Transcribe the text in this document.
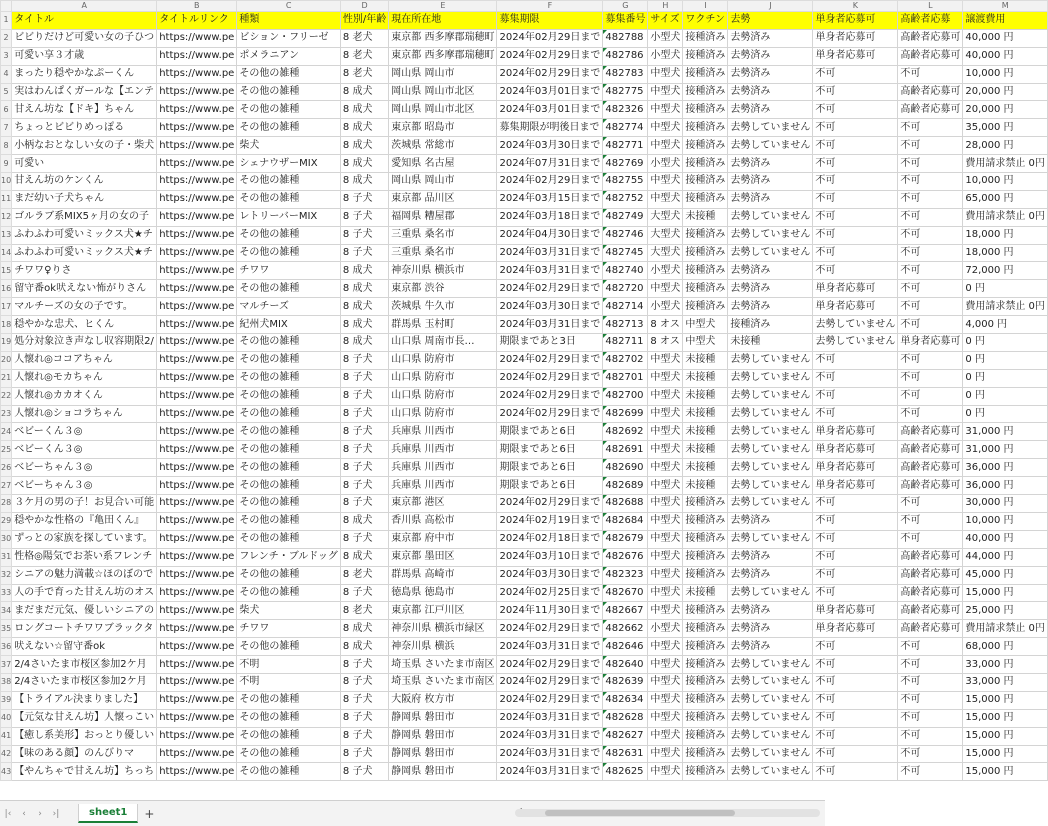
	A	B	C	D	E	F	G	H	I	J	K	L	M
1	タイトル	タイトルリンク	種類	性別/年齢	現在所在地	募集期限	募集番号	サイズ	ワクチン	去勢	単身者応募可	高齢者応募	譲渡費用
2	ビビりだけど可愛い女の子ひつ	https://www.pe	ビション・フリーゼ	8 老犬	東京都 西多摩郡瑞穂町	2024年02月29日まで	482788	小型犬	接種済み	去勢済み	単身者応募可	高齢者応募可	40,000 円
3	可愛い享３才歳	https://www.pe	ポメラニアン	8 老犬	東京都 西多摩郡瑞穂町	2024年02月29日まで	482786	小型犬	接種済み	去勢済み	単身者応募可	高齢者応募可	40,000 円
4	まったり穏やかなぷーくん	https://www.pe	その他の雑種	8 老犬	岡山県 岡山市	2024年02月29日まで	482783	中型犬	接種済み	去勢済み	不可	不可	10,000 円
5	実はわんぱくガールな【エンテ	https://www.pe	その他の雑種	8 成犬	岡山県 岡山市北区	2024年03月01日まで	482775	中型犬	接種済み	去勢済み	不可	高齢者応募可	20,000 円
6	甘えん坊な【ドキ】ちゃん	https://www.pe	その他の雑種	8 成犬	岡山県 岡山市北区	2024年03月01日まで	482326	中型犬	接種済み	去勢済み	不可	高齢者応募可	20,000 円
7	ちょっとビビりめっぽる	https://www.pe	その他の雑種	8 成犬	東京都 昭島市	募集期限が明後日まで	482774	中型犬	接種済み	去勢していません	不可	不可	35,000 円
8	小柄なおとなしい女の子・柴犬	https://www.pe	柴犬	8 成犬	茨城県 常総市	2024年03月30日まで	482771	中型犬	接種済み	去勢していません	不可	不可	28,000 円
9	可愛い	https://www.pe	シェナウザーMIX	8 成犬	愛知県 名古屋	2024年07月31日まで	482769	小型犬	接種済み	去勢済み	不可	不可	費用請求禁止 0円
10	甘えん坊のケンくん	https://www.pe	その他の雑種	8 成犬	岡山県 岡山市	2024年02月29日まで	482755	中型犬	接種済み	去勢済み	不可	不可	10,000 円
11	まだ幼い子犬ちゃん	https://www.pe	その他の雑種	8 子犬	東京都 品川区	2024年03月15日まで	482752	中型犬	接種済み	去勢済み	不可	不可	65,000 円
12	ゴルラブ系MIX5ヶ月の女の子	https://www.pe	レトリーバーMIX	8 子犬	福岡県 糟屋郡	2024年03月18日まで	482749	大型犬	未接種	去勢していません	不可	不可	費用請求禁止 0円
13	ふわふわ可愛いミックス犬★チ	https://www.pe	その他の雑種	8 子犬	三重県 桑名市	2024年04月30日まで	482746	大型犬	接種済み	去勢していません	不可	不可	18,000 円
14	ふわふわ可愛いミックス犬★チ	https://www.pe	その他の雑種	8 子犬	三重県 桑名市	2024年03月31日まで	482745	大型犬	接種済み	去勢していません	不可	不可	18,000 円
15	チワワ♀りさ	https://www.pe	チワワ	8 成犬	神奈川県 横浜市	2024年03月31日まで	482740	小型犬	接種済み	去勢済み	不可	不可	72,000 円
16	留守番ok吠えない怖がりさん	https://www.pe	その他の雑種	8 成犬	東京都 渋谷	2024年02月29日まで	482720	中型犬	接種済み	去勢済み	単身者応募可	不可	0 円
17	マルチーズの女の子です。	https://www.pe	マルチーズ	8 成犬	茨城県 牛久市	2024年03月30日まで	482714	小型犬	接種済み	去勢済み	単身者応募可	不可	費用請求禁止 0円
18	穏やかな忠犬、ヒくん	https://www.pe	紀州犬MIX	8 成犬	群馬県 玉村町	2024年03月31日まで	482713	8 オス	中型犬	接種済み	去勢していません	不可	4,000 円
19	処分対象泣き声なし収容期限2/	https://www.pe	その他の雑種	8 成犬	山口県 周南市長…	期限まであと3日	482711	8 オス	中型犬	未接種	去勢していません	単身者応募可	0 円
20	人懐れ◎ココアちゃん	https://www.pe	その他の雑種	8 子犬	山口県 防府市	2024年02月29日まで	482702	中型犬	未接種	去勢していません	不可	不可	0 円
21	人懐れ◎モカちゃん	https://www.pe	その他の雑種	8 子犬	山口県 防府市	2024年02月29日まで	482701	中型犬	未接種	去勢していません	不可	不可	0 円
22	人懐れ◎カカオくん	https://www.pe	その他の雑種	8 子犬	山口県 防府市	2024年02月29日まで	482700	中型犬	未接種	去勢していません	不可	不可	0 円
23	人懐れ◎ショコラちゃん	https://www.pe	その他の雑種	8 子犬	山口県 防府市	2024年02月29日まで	482699	中型犬	未接種	去勢していません	不可	不可	0 円
24	べビーくん３◎	https://www.pe	その他の雑種	8 子犬	兵庫県 川西市	期限まであと6日	482692	中型犬	未接種	去勢していません	単身者応募可	高齢者応募可	31,000 円
25	べビーくん３◎	https://www.pe	その他の雑種	8 子犬	兵庫県 川西市	期限まであと6日	482691	中型犬	未接種	去勢していません	単身者応募可	高齢者応募可	31,000 円
26	べビーちゃん３◎	https://www.pe	その他の雑種	8 子犬	兵庫県 川西市	期限まであと6日	482690	中型犬	未接種	去勢していません	単身者応募可	高齢者応募可	36,000 円
27	べビーちゃん３◎	https://www.pe	その他の雑種	8 子犬	兵庫県 川西市	期限まであと6日	482689	中型犬	未接種	去勢していません	単身者応募可	高齢者応募可	36,000 円
28	３ケ月の男の子！お見合い可能	https://www.pe	その他の雑種	8 子犬	東京都 港区	2024年02月29日まで	482688	中型犬	接種済み	去勢していません	不可	不可	30,000 円
29	穏やかな性格の『亀田くん』	https://www.pe	その他の雑種	8 成犬	香川県 高松市	2024年02月19日まで	482684	中型犬	接種済み	去勢済み	不可	不可	10,000 円
30	ずっとの家族を探しています。	https://www.pe	その他の雑種	8 子犬	東京都 府中市	2024年02月18日まで	482679	中型犬	接種済み	去勢していません	不可	不可	40,000 円
31	性格◎陽気でお茶い系フレンチ	https://www.pe	フレンチ・ブルドッグ	8 成犬	東京都 墨田区	2024年03月10日まで	482676	中型犬	接種済み	去勢済み	不可	高齢者応募可	44,000 円
32	シニアの魅力満載☆ほのぼので	https://www.pe	その他の雑種	8 老犬	群馬県 高崎市	2024年03月30日まで	482323	中型犬	接種済み	去勢済み	不可	高齢者応募可	45,000 円
33	人の手で育った甘えん坊のオス	https://www.pe	その他の雑種	8 子犬	徳島県 徳島市	2024年02月25日まで	482670	中型犬	未接種	去勢していません	不可	高齢者応募可	15,000 円
34	まだまだ元気、優しいシニアの	https://www.pe	柴犬	8 老犬	東京都 江戸川区	2024年11月30日まで	482667	中型犬	接種済み	去勢済み	単身者応募可	高齢者応募可	25,000 円
35	ロングコートチワワブラックタ	https://www.pe	チワワ	8 成犬	神奈川県 横浜市緑区	2024年02月29日まで	482662	小型犬	接種済み	去勢済み	単身者応募可	高齢者応募可	費用請求禁止 0円
36	吠えない☆留守番ok	https://www.pe	その他の雑種	8 成犬	神奈川県 横浜	2024年03月31日まで	482646	中型犬	接種済み	去勢済み	不可	不可	68,000 円
37	2/4さいたま市桜区参加2ケ月	https://www.pe	不明	8 子犬	埼玉県 さいたま市南区	2024年02月29日まで	482640	中型犬	接種済み	去勢していません	不可	不可	33,000 円
38	2/4さいたま市桜区参加2ケ月	https://www.pe	不明	8 子犬	埼玉県 さいたま市南区	2024年02月29日まで	482639	中型犬	接種済み	去勢していません	不可	不可	33,000 円
39	【トライアル決まりました】	https://www.pe	その他の雑種	8 子犬	大阪府 枚方市	2024年02月29日まで	482634	中型犬	接種済み	去勢していません	不可	不可	15,000 円
40	【元気な甘えん坊】人懐っこい	https://www.pe	その他の雑種	8 子犬	静岡県 磐田市	2024年03月31日まで	482628	中型犬	接種済み	去勢していません	不可	不可	15,000 円
41	【癒し系美形】おっとり優しい	https://www.pe	その他の雑種	8 子犬	静岡県 磐田市	2024年03月31日まで	482627	中型犬	接種済み	去勢していません	不可	不可	15,000 円
42	【味のある顔】のんびりマ	https://www.pe	その他の雑種	8 子犬	静岡県 磐田市	2024年03月31日まで	482631	中型犬	接種済み	去勢していません	不可	不可	15,000 円
43	【やんちゃで甘えん坊】ちっち	https://www.pe	その他の雑種	8 子犬	静岡県 磐田市	2024年03月31日まで	482625	中型犬	接種済み	去勢していません	不可	不可	15,000 円
|‹	‹	›	›|	sheet1	+
